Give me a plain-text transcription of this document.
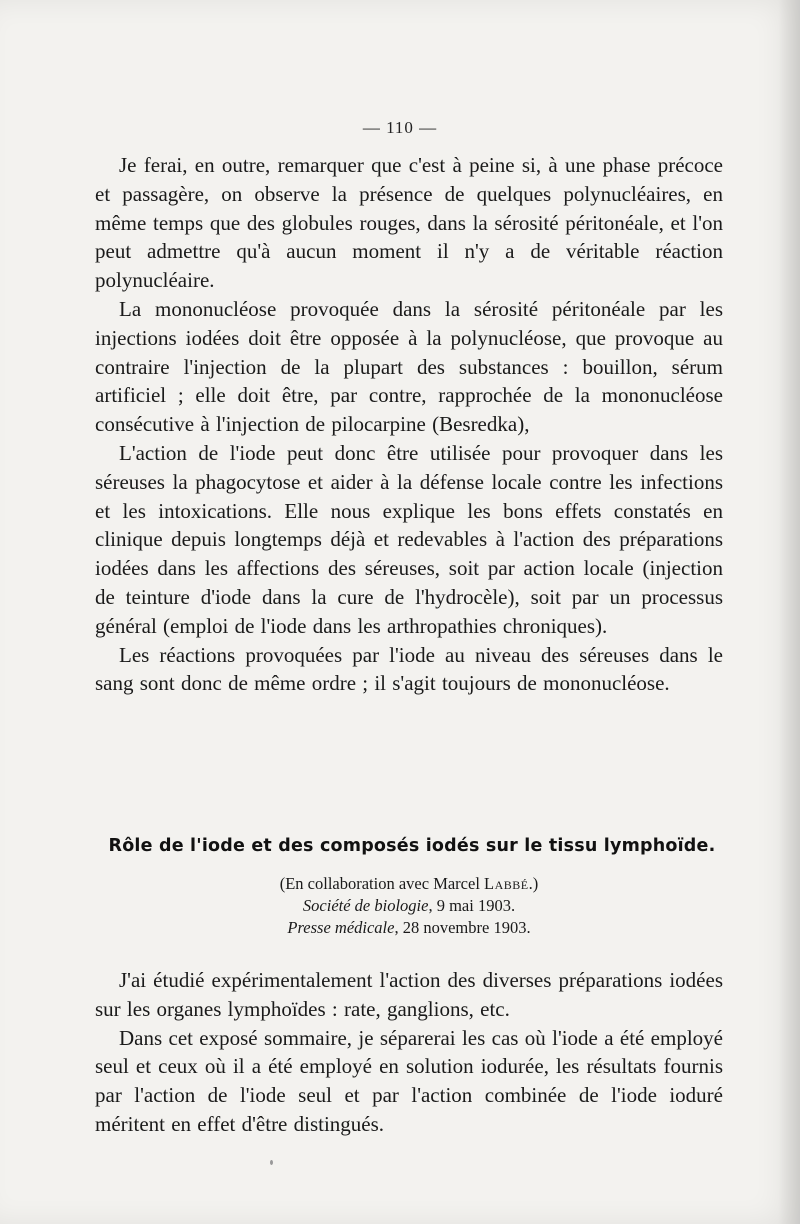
— 110 —

Je ferai, en outre, remarquer que c'est à peine si, à une phase précoce et passagère, on observe la présence de quelques polynucléaires, en même temps que des globules rouges, dans la sérosité péritonéale, et l'on peut admettre qu'à aucun moment il n'y a de véritable réaction polynucléaire.

La mononucléose provoquée dans la sérosité péritonéale par les injections iodées doit être opposée à la polynucléose, que provoque au contraire l'injection de la plupart des substances : bouillon, sérum artificiel ; elle doit être, par contre, rapprochée de la mononucléose consécutive à l'injection de pilocarpine (Besredka),

L'action de l'iode peut donc être utilisée pour provoquer dans les séreuses la phagocytose et aider à la défense locale contre les infections et les intoxications. Elle nous explique les bons effets constatés en clinique depuis longtemps déjà et redevables à l'action des préparations iodées dans les affections des séreuses, soit par action locale (injection de teinture d'iode dans la cure de l'hydrocèle), soit par un processus général (emploi de l'iode dans les arthropathies chroniques).

Les réactions provoquées par l'iode au niveau des séreuses dans le sang sont donc de même ordre ; il s'agit toujours de mononucléose.

Rôle de l'iode et des composés iodés sur le tissu lymphoïde.
(En collaboration avec Marcel Labbé.)
Société de biologie, 9 mai 1903.
Presse médicale, 28 novembre 1903.

J'ai étudié expérimentalement l'action des diverses préparations iodées sur les organes lymphoïdes : rate, ganglions, etc.

Dans cet exposé sommaire, je séparerai les cas où l'iode a été employé seul et ceux où il a été employé en solution iodurée, les résultats fournis par l'action de l'iode seul et par l'action combinée de l'iode ioduré méritent en effet d'être distingués.
